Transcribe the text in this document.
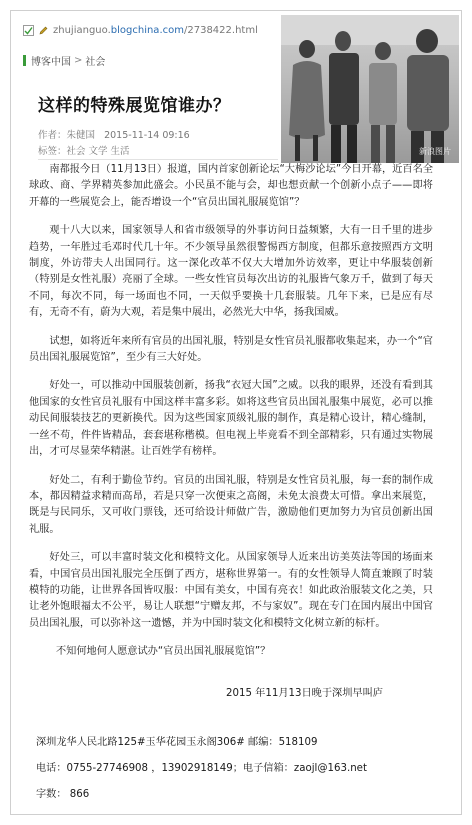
zhujianguo. blogchina.com /2738422.html
博客中国 > 社会
新浪图片
这样的特殊展览馆谁办？
作者：朱健国 2015-11-14 09:16
标签：社会 文学 生活

南都报今日（11月13日）报道，国内首家创新论坛“大梅沙论坛”今日开幕，近百名全球政、商、学界精英参加此盛会。小民虽不能与会，却也想贡献一个创新小点子——即将开幕的一些展览会上，能否增设一个“官员出国礼服展览馆”？

观十八大以来，国家领导人和省市级领导的外事访问日益频繁，大有一日千里的进步趋势，一年胜过毛邓时代几十年。不少领导虽然很警惕西方制度，但都乐意按照西方文明制度，外访带夫人出国同行。这一深化改革不仅大大增加外访效率，更让中华服装创新（特别是女性礼服）亮丽了全球。一些女性官员每次出访的礼服皆气象万千，做到了每天不同，每次不同，每一场面也不同，一天似乎要换十几套服装。几年下来，已是应有尽有，无奇不有，蔚为大观，若是集中展出，必然光大中华，扬我国威。

试想，如将近年来所有官员的出国礼服，特别是女性官员礼服都收集起来，办一个“官员出国礼服展览馆”，至少有三大好处。

好处一，可以推动中国服装创新，扬我“衣冠大国”之威。以我的眼界，还没有看到其他国家的女性官员礼服有中国这样丰富多彩。如将这些官员出国礼服集中展览，必可以推动民间服装技艺的更新换代。因为这些国家顶级礼服的制作，真是精心设计，精心缝制，一丝不苟，件件皆精品，套套堪称楷模。但电视上毕竟看不到全部精彩，只有通过实物展出，才可尽显荣华精湛。让百姓学有榜样。

好处二，有利于勤俭节约。官员的出国礼服，特别是女性官员礼服，每一套的制作成本，都因精益求精而高昂，若是只穿一次便束之高阁，未免太浪费太可惜。拿出来展览，既是与民同乐，又可收门票钱，还可给设计师做广告，激励他们更加努力为官员创新出国礼服。

好处三，可以丰富时装文化和模特文化。从国家领导人近来出访美英法等国的场面来看，中国官员出国礼服完全压倒了西方，堪称世界第一。有的女性领导人简直兼顾了时装模特的功能，让世界各国皆叹服：中国有美女，中国有亮衣！如此政治服装文化之美，只让老外饱眼福太不公平，易让人联想“宁赠友邦，不与家奴”。现在专门在国内展出中国官员出国礼服，可以弥补这一遗憾，并为中国时装文化和模特文化树立新的标杆。

不知何地何人愿意试办“官员出国礼服展览馆”？
2015 年11月13日晚于深圳早叫庐
深圳龙华人民北路125#玉华花园玉永阁306# 邮编：518109
电话：0755-27746908 ，13902918149；电子信箱：zaojl@163.net
字数： 866
